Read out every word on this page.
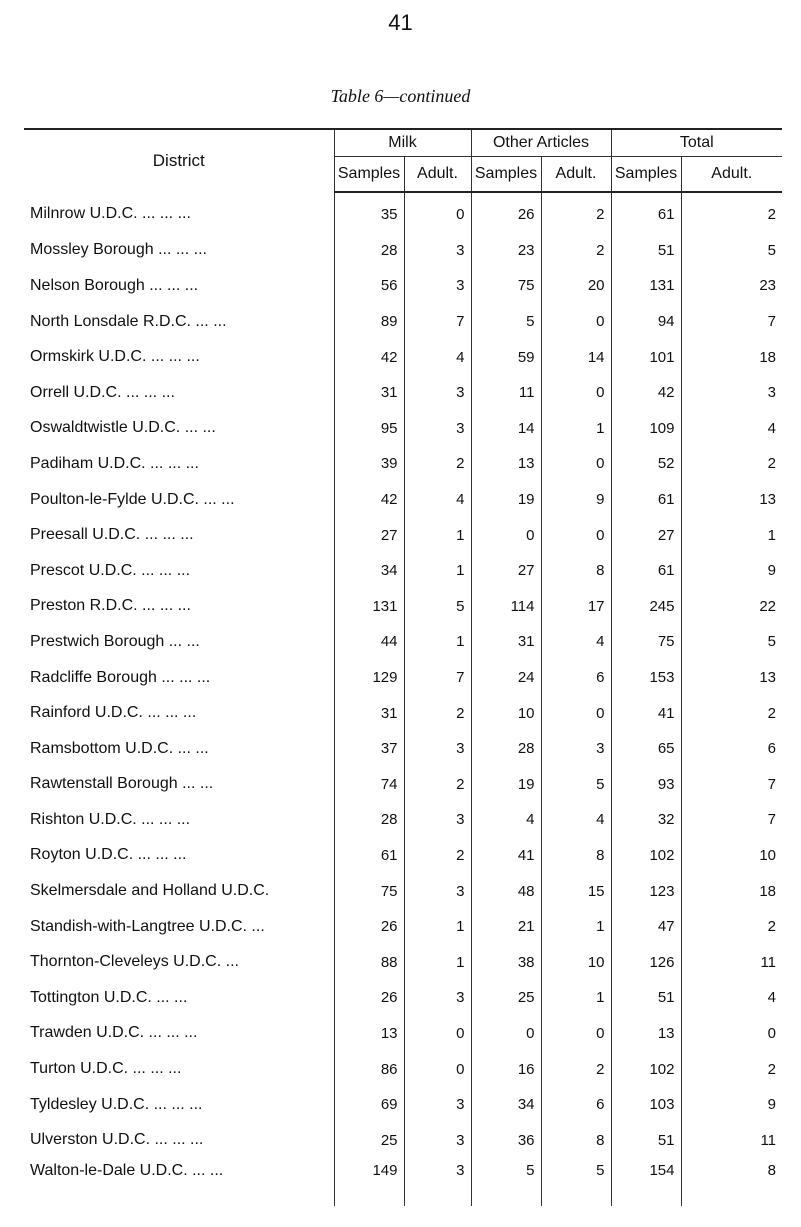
41
Table 6—continued
District	Milk		Other Articles		Total	
	Samples	Adult.	Samples	Adult.	Samples	Adult.
Milnrow U.D.C. ... ... ...	35	0	26	2	61	2
Mossley Borough ... ... ...	28	3	23	2	51	5
Nelson Borough ... ... ...	56	3	75	20	131	23
North Lonsdale R.D.C. ... ...	89	7	5	0	94	7
Ormskirk U.D.C. ... ... ...	42	4	59	14	101	18
Orrell U.D.C. ... ... ...	31	3	11	0	42	3
Oswaldtwistle U.D.C. ... ...	95	3	14	1	109	4
Padiham U.D.C. ... ... ...	39	2	13	0	52	2
Poulton-le-Fylde U.D.C. ... ...	42	4	19	9	61	13
Preesall U.D.C. ... ... ...	27	1	0	0	27	1
Prescot U.D.C. ... ... ...	34	1	27	8	61	9
Preston R.D.C. ... ... ...	131	5	114	17	245	22
Prestwich Borough ... ...	44	1	31	4	75	5
Radcliffe Borough ... ... ...	129	7	24	6	153	13
Rainford U.D.C. ... ... ...	31	2	10	0	41	2
Ramsbottom U.D.C. ... ...	37	3	28	3	65	6
Rawtenstall Borough ... ...	74	2	19	5	93	7
Rishton U.D.C. ... ... ...	28	3	4	4	32	7
Royton U.D.C. ... ... ...	61	2	41	8	102	10
Skelmersdale and Holland U.D.C.	75	3	48	15	123	18
Standish-with-Langtree U.D.C. ...	26	1	21	1	47	2
Thornton-Cleveleys U.D.C. ...	88	1	38	10	126	11
Tottington U.D.C. ... ...	26	3	25	1	51	4
Trawden U.D.C. ... ... ...	13	0	0	0	13	0
Turton U.D.C. ... ... ...	86	0	16	2	102	2
Tyldesley U.D.C. ... ... ...	69	3	34	6	103	9
Ulverston U.D.C. ... ... ...	25	3	36	8	51	11
Walton-le-Dale U.D.C. ... ...	149	3	5	5	154	8
